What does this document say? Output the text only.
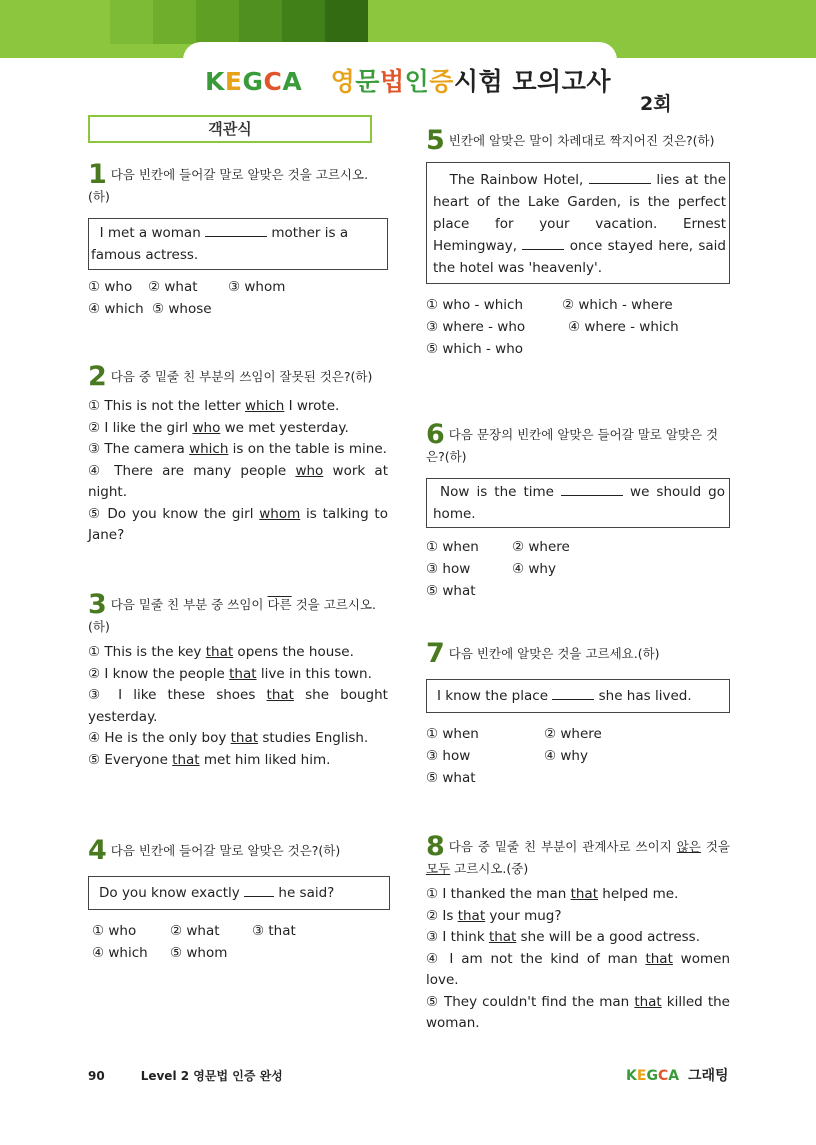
KEGCA 영문법인증시험 모의고사
2회
객관식
1 다음 빈칸에 들어갈 말로 알맞은 것을 고르시오.(하)
I met a woman	mother is a
famous actress.
① who ② what ③ whom
④ which ⑤ whose
2 다음 중 밑줄 친 부분의 쓰임이 잘못된 것은?(하)
① This is not the letter which I wrote.
② I like the girl who we met yesterday.
③ The camera which is on the table is mine.
④ There are many people who work at night.
⑤ Do you know the girl whom is talking to Jane?
3 다음 밑줄 친 부분 중 쓰임이 다른 것을 고르시오.(하)
① This is the key that opens the house.
② I know the people that live in this town.
③ I like these shoes that she bought yesterday.
④ He is the only boy that studies English.
⑤ Everyone that met him liked him.
4 다음 빈칸에 들어갈 말로 알맞은 것은?(하)
Do you know exactly	he said?
① who ② what ③ that
④ which ⑤ whom
5 빈칸에 알맞은 말이 차례대로 짝지어진 것은?(하)
The Rainbow Hotel,	lies at the heart of the Lake Garden, is the perfect place for your vacation. Ernest Hemingway,	once stayed here, said the hotel was 'heavenly'.
① who - which	② which - where
③ where - who	④ where - which
⑤ which - who
6 다음 문장의 빈칸에 알맞은 들어갈 말로 알맞은 것은?(하)
Now is the time	we should go home.
① when ② where
③ how	④ why
⑤ what
7 다음 빈칸에 알맞은 것을 고르세요.(하)
I know the place	she has lived.
① when	② where
③ how	④ why
⑤ what
8 다음 중 밑줄 친 부분이 관계사로 쓰이지 않은 것을 모두 고르시오.(중)
① I thanked the man that helped me.
② Is that your mug?
③ I think that she will be a good actress.
④ I am not the kind of man that women love.
⑤ They couldn't find the man that killed the woman.
90	Level 2 영문법 인증 완성	KEGCA 그래팅
